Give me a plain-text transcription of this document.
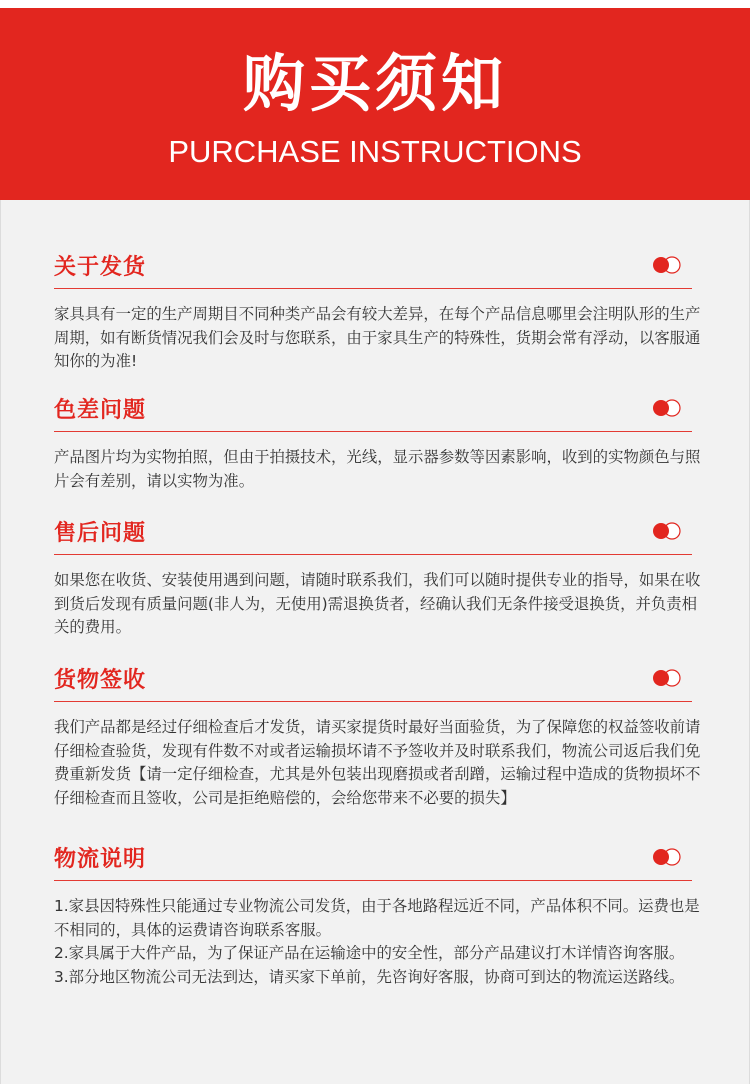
购买须知

PURCHASE INSTRUCTIONS

关于发货

家具具有一定的生产周期目不同种类产品会有较大差异，在每个产品信息哪里会注明队形的生产周期，如有断货情况我们会及时与您联系，由于家具生产的特殊性，货期会常有浮动，以客服通知你的为准!

色差问题

产品图片均为实物拍照，但由于拍摄技术，光线，显示器参数等因素影响，收到的实物颜色与照片会有差别，请以实物为准。

售后问题

如果您在收货、安装使用遇到问题，请随时联系我们，我们可以随时提供专业的指导，如果在收到货后发现有质量问题(非人为，无使用)需退换货者，经确认我们无条件接受退换货，并负责相关的费用。

货物签收

我们产品都是经过仔细检查后才发货，请买家提货时最好当面验货，为了保障您的权益签收前请仔细检查验货，发现有件数不对或者运输损坏请不予签收并及时联系我们，物流公司返后我们免费重新发货【请一定仔细检查，尤其是外包装出现磨损或者刮蹭，运输过程中造成的货物损坏不仔细检查而且签收，公司是拒绝赔偿的，会给您带来不必要的损失】

物流说明

1.家县因特殊性只能通过专业物流公司发货，由于各地路程远近不同，产品体积不同。运费也是不相同的，具体的运费请咨询联系客服。

2.家具属于大件产品，为了保证产品在运输途中的安全性，部分产品建议打木详情咨询客服。

3.部分地区物流公司无法到达，请买家下单前，先咨询好客服，协商可到达的物流运送路线。
